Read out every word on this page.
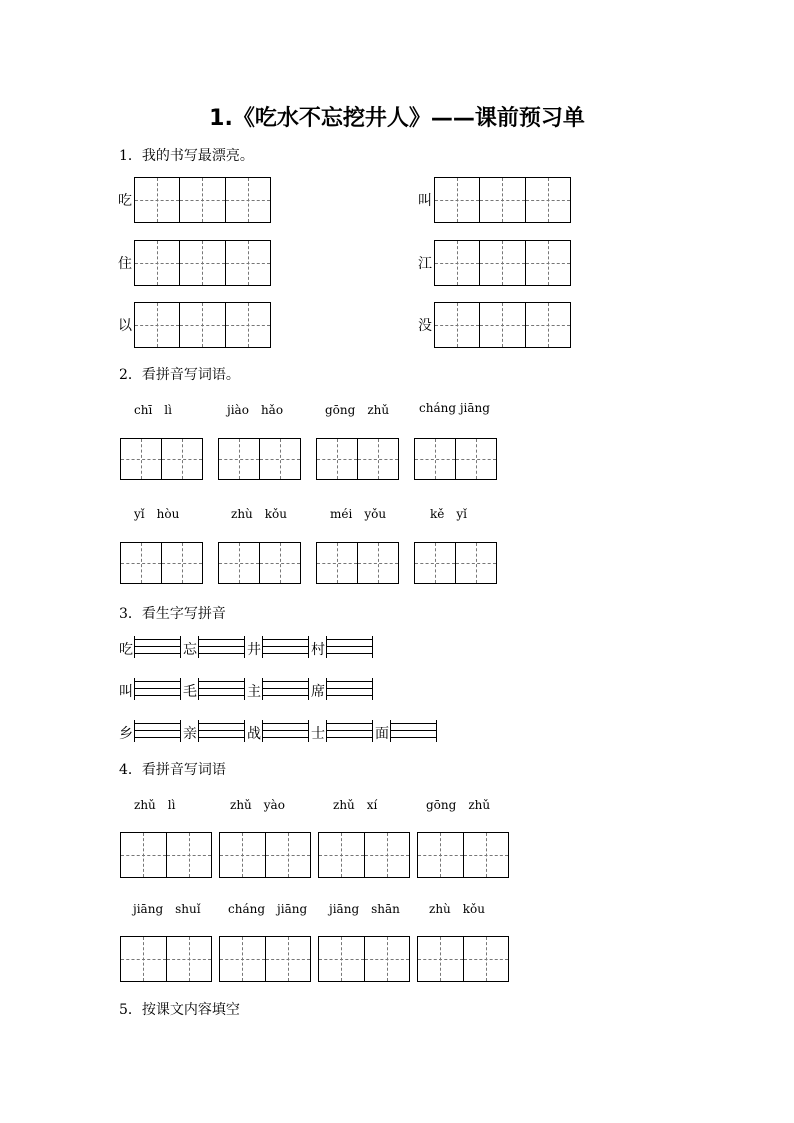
1.《吃水不忘挖井人》——课前预习单
1．我的书写最漂亮。
吃	叫
住	江
以	没
2．看拼音写词语。
chī　lì	jiào　hǎo	gōng　zhǔ cháng jiāng
yǐ　hòu	zhù　kǒu	méi　yǒu	kě　yǐ
3．看生字写拼音
吃	忘	井	村
叫	毛	主	席
乡	亲	战	士	面
4．看拼音写词语
zhǔ　lì	zhǔ　yào	zhǔ　xí	gōng　zhǔ
jiāng　shuǐ cháng　jiāng jiāng　shān zhù　kǒu
5．按课文内容填空
